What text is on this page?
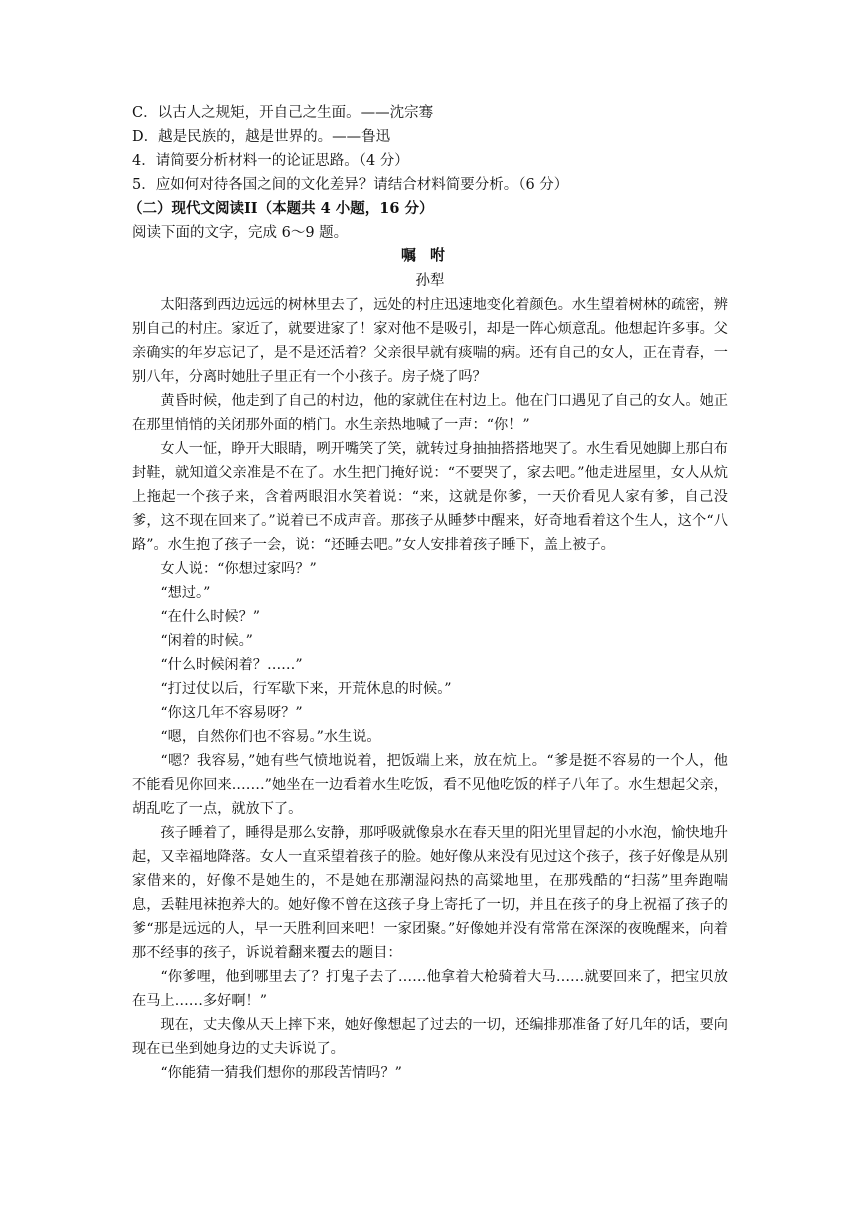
C．以古人之规矩，开自己之生面。——沈宗骞
D．越是民族的，越是世界的。——鲁迅
4．请简要分析材料一的论证思路。（4 分）
5．应如何对待各国之间的文化差异？请结合材料简要分析。（6 分）
（二）现代文阅读II（本题共 4 小题，16 分）
阅读下面的文字，完成 6～9 题。
嘱咐
孙犁

太阳落到西边远远的树林里去了，远处的村庄迅速地变化着颜色。水生望着树林的疏密，辨别自己的村庄。家近了，就要进家了！家对他不是吸引，却是一阵心烦意乱。他想起许多事。父亲确实的年岁忘记了，是不是还活着？父亲很早就有痰喘的病。还有自己的女人，正在青春，一别八年，分离时她肚子里正有一个小孩子。房子烧了吗？

黄昏时候，他走到了自己的村边，他的家就住在村边上。他在门口遇见了自己的女人。她正在那里悄悄的关闭那外面的梢门。水生亲热地喊了一声：“你！”

女人一怔，睁开大眼睛，咧开嘴笑了笑，就转过身抽抽搭搭地哭了。水生看见她脚上那白布封鞋，就知道父亲准是不在了。水生把门掩好说：“不要哭了，家去吧。”他走进屋里，女人从炕上拖起一个孩子来，含着两眼泪水笑着说：“来，这就是你爹，一天价看见人家有爹，自己没爹，这不现在回来了。”说着已不成声音。那孩子从睡梦中醒来，好奇地看着这个生人，这个“八路”。水生抱了孩子一会，说：“还睡去吧。”女人安排着孩子睡下，盖上被子。

女人说：“你想过家吗？”

“想过。”

“在什么时候？”

“闲着的时候。”

“什么时候闲着？……”

“打过仗以后，行军歇下来，开荒休息的时候。”

“你这几年不容易呀？”

“嗯，自然你们也不容易。”水生说。

“嗯？我容易，”她有些气愤地说着，把饭端上来，放在炕上。“爹是挺不容易的一个人，他不能看见你回来.……”她坐在一边看着水生吃饭，看不见他吃饭的样子八年了。水生想起父亲，胡乱吃了一点，就放下了。

孩子睡着了，睡得是那么安静，那呼吸就像泉水在春天里的阳光里冒起的小水泡，愉快地升起，又幸福地降落。女人一直采望着孩子的脸。她好像从来没有见过这个孩子，孩子好像是从别家借来的，好像不是她生的，不是她在那潮湿闷热的高粱地里，在那残酷的“扫荡”里奔跑喘息，丢鞋甩袜抱养大的。她好像不曾在这孩子身上寄托了一切，并且在孩子的身上祝福了孩子的爹“那是远远的人，早一天胜利回来吧！一家团聚。”好像她并没有常常在深深的夜晚醒来，向着那不经事的孩子，诉说着翻来覆去的题目：

“你爹哩，他到哪里去了？打鬼子去了……他拿着大枪骑着大马……就要回来了，把宝贝放在马上……多好啊！”

现在，丈夫像从天上摔下来，她好像想起了过去的一切，还编排那准备了好几年的话，要向现在已坐到她身边的丈夫诉说了。

“你能猜一猜我们想你的那段苦情吗？”
